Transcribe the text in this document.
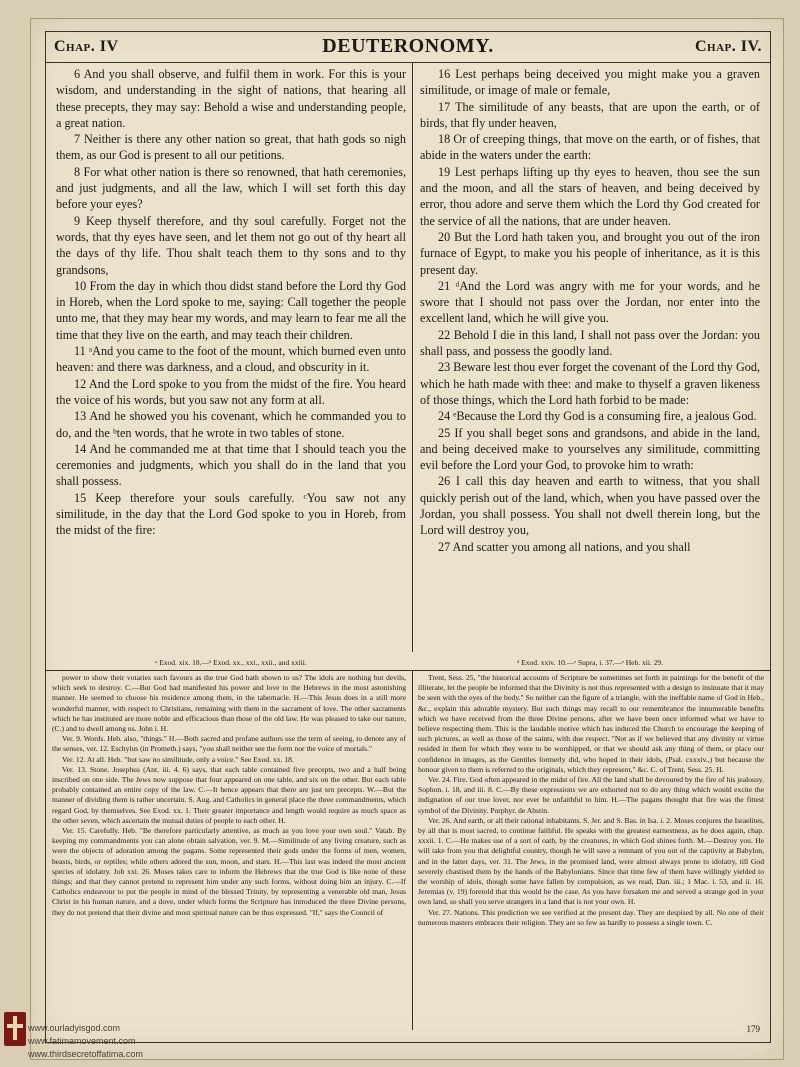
Chap. IV	DEUTERONOMY.	Chap. IV.

6 And you shall observe, and fulfil them in work. For this is your wisdom, and understanding in the sight of nations, that hearing all these precepts, they may say: Behold a wise and understanding people, a great nation.

7 Neither is there any other nation so great, that hath gods so nigh them, as our God is present to all our petitions.

8 For what other nation is there so renowned, that hath ceremonies, and just judgments, and all the law, which I will set forth this day before your eyes?

9 Keep thyself therefore, and thy soul carefully. Forget not the words, that thy eyes have seen, and let them not go out of thy heart all the days of thy life. Thou shalt teach them to thy sons and to thy grandsons,

10 From the day in which thou didst stand before the Lord thy God in Horeb, when the Lord spoke to me, saying: Call together the people unto me, that they may hear my words, and may learn to fear me all the time that they live on the earth, and may teach their children.

11 ᵃAnd you came to the foot of the mount, which burned even unto heaven: and there was darkness, and a cloud, and obscurity in it.

12 And the Lord spoke to you from the midst of the fire. You heard the voice of his words, but you saw not any form at all.

13 And he showed you his covenant, which he commanded you to do, and the ᵇten words, that he wrote in two tables of stone.

14 And he commanded me at that time that I should teach you the ceremonies and judgments, which you shall do in the land that you shall possess.

15 Keep therefore your souls carefully. ᶜYou saw not any similitude, in the day that the Lord God spoke to you in Horeb, from the midst of the fire:

16 Lest perhaps being deceived you might make you a graven similitude, or image of male or female,

17 The similitude of any beasts, that are upon the earth, or of birds, that fly under heaven,

18 Or of creeping things, that move on the earth, or of fishes, that abide in the waters under the earth:

19 Lest perhaps lifting up thy eyes to heaven, thou see the sun and the moon, and all the stars of heaven, and being deceived by error, thou adore and serve them which the Lord thy God created for the service of all the nations, that are under heaven.

20 But the Lord hath taken you, and brought you out of the iron furnace of Egypt, to make you his people of inheritance, as it is this present day.

21 ᵈAnd the Lord was angry with me for your words, and he swore that I should not pass over the Jordan, nor enter into the excellent land, which he will give you.

22 Behold I die in this land, I shall not pass over the Jordan: you shall pass, and possess the goodly land.

23 Beware lest thou ever forget the covenant of the Lord thy God, which he hath made with thee: and make to thyself a graven likeness of those things, which the Lord hath forbid to be made:

24 ᵉBecause the Lord thy God is a consuming fire, a jealous God.

25 If you shall beget sons and grandsons, and abide in the land, and being deceived make to yourselves any similitude, committing evil before the Lord your God, to provoke him to wrath:

26 I call this day heaven and earth to witness, that you shall quickly perish out of the land, which, when you have passed over the Jordan, you shall possess. You shall not dwell therein long, but the Lord will destroy you,

27 And scatter you among all nations, and you shall

ᵃ Exod. xix. 18.—ᵇ Exod. xx., xxi., xxii., and xxiii.	ᵈ Exod. xxiv. 10.—ᵉ Supra, i. 37.—ᵉ Heb. xii. 29.

power to show their votaries such favours as the true God hath shown to us? The idols are nothing but devils, which seek to destroy. C.—But God had manifested his power and love to the Hebrews in the most astonishing manner. He seemed to choose his residence among them, in the tabernacle. H.—This Jesus does in a still more wonderful manner, with respect to Christians, remaining with them in the sacrament of love. The other sacraments which he has instituted are more noble and efficacious than those of the old law. He was pleased to take our nature, (C.) and to dwell among us. John i. H.

Ver. 9. Words. Heb. also, "things." H.—Both sacred and profane authors use the term of seeing, to denote any of the senses, ver. 12. Eschylus (in Prometh.) says, "you shall neither see the form nor the voice of mortals."

Ver. 12. At all. Heb. "but saw no similitude, only a voice." See Exod. xx. 18.

Ver. 13. Stone. Josephus (Ant. iii. 4. 6) says, that each table contained five precepts, two and a half being inscribed on one side. The Jews now suppose that four appeared on one table, and six on the other. But each table probably contained an entire copy of the law. C.—It hence appears that there are just ten precepts. W.—But the manner of dividing them is rather uncertain. S. Aug. and Catholics in general place the three commandments, which regard God, by themselves. See Exod. xx. 1. Their greater importance and length would require as much space as the other seven, which ascertain the mutual duties of people to each other. H.

Ver. 15. Carefully. Heb. "Be therefore particularly attentive, as much as you love your own soul." Vatab. By keeping my commandments you can alone obtain salvation, ver. 9. M.—Similitude of any living creature, such as were the objects of adoration among the pagans. Some represented their gods under the forms of men, women, beasts, birds, or reptiles; while others adored the sun, moon, and stars. H.—This last was indeed the most ancient species of idolatry. Job xxi. 26. Moses takes care to inform the Hebrews that the true God is like none of these things; and that they cannot pretend to represent him under any such forms, without doing him an injury. C.—If Catholics endeavour to put the people in mind of the blessed Trinity, by representing a venerable old man, Jesus Christ in his human nature, and a dove, under which forms the Scripture has introduced the three Divine persons, they do not pretend that their divine and most spiritual nature can be thus expressed. "If," says the Council of

Trent, Sess. 25, "the historical accounts of Scripture be sometimes set forth in paintings for the benefit of the illiterate, let the people be informed that the Divinity is not thus represented with a design to insinuate that it may be seen with the eyes of the body." So neither can the figure of a triangle, with the ineffable name of God in Heb., &c., explain this adorable mystery. But such things may recall to our remembrance the innumerable benefits which we have received from the three Divine persons, after we have been once informed what we have to believe respecting them. This is the laudable motive which has induced the Church to encourage the keeping of such pictures, as well as those of the saints, with due respect. "Not as if we believed that any divinity or virtue resided in them for which they were to be worshipped, or that we should ask any thing of them, or place our confidence in images, as the Gentiles formerly did, who hoped in their idols, (Psal. cxxxiv.,) but because the honour given to them is referred to the originals, which they represent," &c. C. of Trent, Sess. 25. H.

Ver. 24. Fire. God often appeared in the midst of fire. All the land shall be devoured by the fire of his jealousy. Sophon. i. 18, and iii. 8. C.—By these expressions we are exhorted not to do any thing which would excite the indignation of our true lover, nor ever be unfaithful to him. H.—The pagans thought that fire was the fittest symbol of the Divinity. Porphyr. de Abstin.

Ver. 26. And earth, or all their rational inhabitants. S. Jer. and S. Bas. in Isa. i. 2. Moses conjures the Israelites, by all that is most sacred, to continue faithful. He speaks with the greatest earnestness, as he does again, chap. xxxii. 1. C.—He makes use of a sort of oath, by the creatures, in which God shines forth. M.—Destroy you. He will take from you that delightful country, though he will save a remnant of you out of the captivity at Babylon, and in the latter days, ver. 31. The Jews, in the promised land, were almost always prone to idolatry, till God severely chastised them by the hands of the Babylonians. Since that time few of them have willingly yielded to the worship of idols, though some have fallen by compulsion, as we read, Dan. iii.; 1 Mac. i. 53, and ii. 16. Jeremias (v. 19) foretold that this would be the case. As you have forsaken me and served a strange god in your own land, so shall you serve strangers in a land that is not your own. H.

Ver. 27. Nations. This prediction we see verified at the present day. They are despised by all. No one of their numerous masters embraces their religion. They are so few as hardly to possess a single town. C.

179
www.ourladyisgod.com
www.fatimamovement.com
www.thirdsecretoffatima.com
